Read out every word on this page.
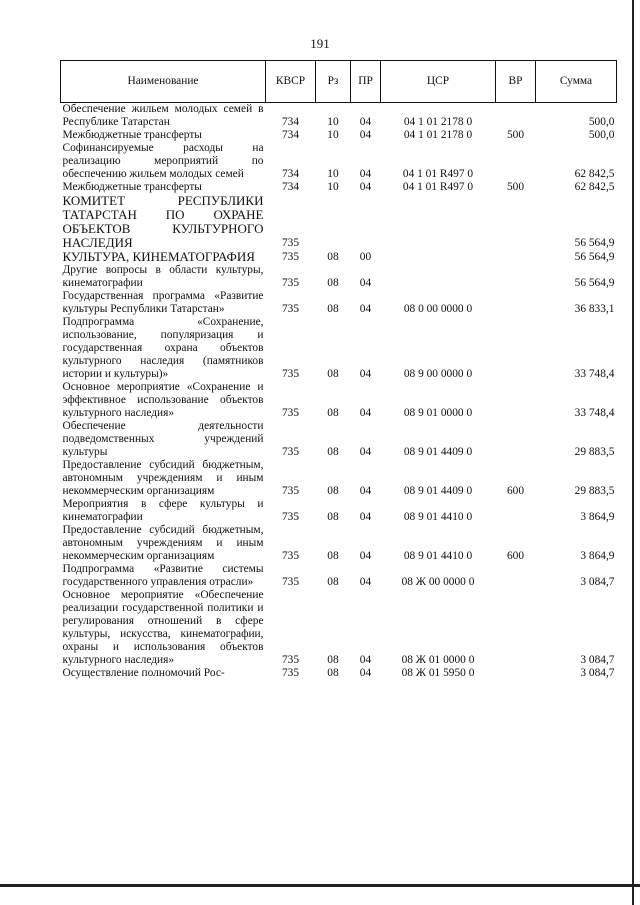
191
Наименование	КВСР	Рз	ПР	ЦСР	ВР	Сумма
Обеспечение жильем молодых семей в Республике Татарстан	734	10	04	04 1 01 2178 0		500,0
Межбюджетные трансферты	734	10	04	04 1 01 2178 0	500	500,0
Софинансируемые расходы на реализацию мероприятий по обеспечению жильем молодых семей	734	10	04	04 1 01 R497 0		62 842,5
Межбюджетные трансферты	734	10	04	04 1 01 R497 0	500	62 842,5
КОМИТЕТ РЕСПУБЛИКИ ТАТАРСТАН ПО ОХРАНЕ ОБЪЕКТОВ КУЛЬТУРНОГО НАСЛЕДИЯ	735					56 564,9
КУЛЬТУРА, КИНЕМАТОГРАФИЯ	735	08	00			56 564,9
Другие вопросы в области культуры, кинематографии	735	08	04			56 564,9
Государственная программа «Развитие культуры Республики Татарстан»	735	08	04	08 0 00 0000 0		36 833,1
Подпрограмма «Сохранение, использование, популяризация и государственная охрана объектов культурного наследия (памятников истории и культуры)»	735	08	04	08 9 00 0000 0		33 748,4
Основное мероприятие «Сохранение и эффективное использование объектов культурного наследия»	735	08	04	08 9 01 0000 0		33 748,4
Обеспечение деятельности подведомственных учреждений культуры	735	08	04	08 9 01 4409 0		29 883,5
Предоставление субсидий бюджетным, автономным учреждениям и иным некоммерческим организациям	735	08	04	08 9 01 4409 0	600	29 883,5
Мероприятия в сфере культуры и кинематографии	735	08	04	08 9 01 4410 0		3 864,9
Предоставление субсидий бюджетным, автономным учреждениям и иным некоммерческим организациям	735	08	04	08 9 01 4410 0	600	3 864,9
Подпрограмма «Развитие системы государственного управления отрасли»	735	08	04	08 Ж 00 0000 0		3 084,7
Основное мероприятие «Обеспечение реализации государственной политики и регулирования отношений в сфере культуры, искусства, кинематографии, охраны и использования объектов культурного наследия»	735	08	04	08 Ж 01 0000 0		3 084,7
Осуществление полномочий Рос-	735	08	04	08 Ж 01 5950 0		3 084,7
